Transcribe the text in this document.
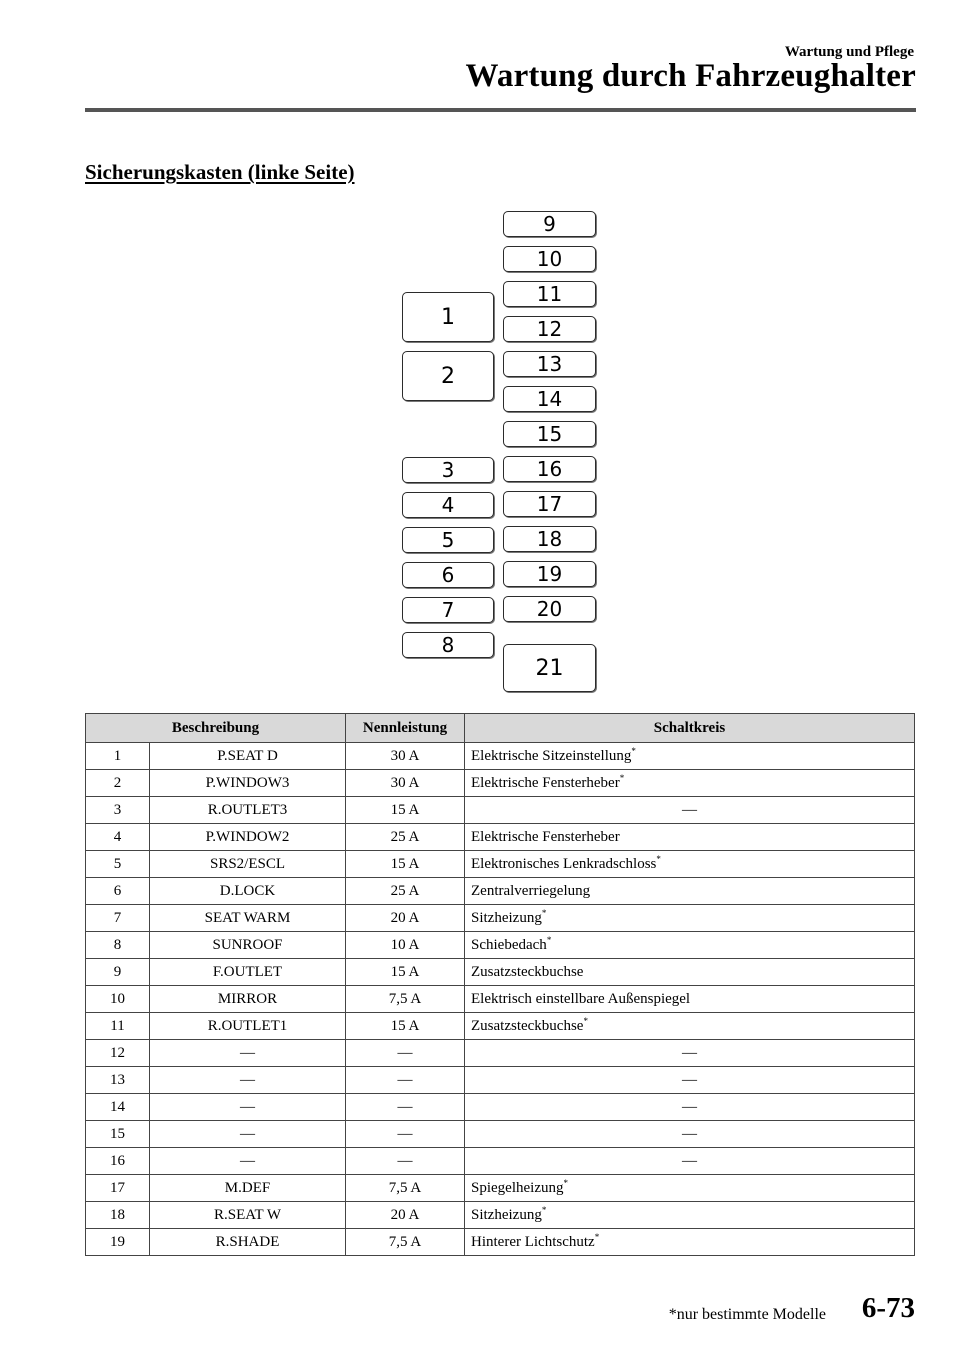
Wartung und Pflege
Wartung durch Fahrzeughalter
Sicherungskasten (linke Seite)
1
2
3
4
5
6
7
8
9
10
11
12
13
14
15
16
17
18
19
20
21
Beschreibung		Nennleistung	Schaltkreis
1	P.SEAT D	30 A	Elektrische Sitzeinstellung*
2	P.WINDOW3	30 A	Elektrische Fensterheber*
3	R.OUTLET3	15 A	—
4	P.WINDOW2	25 A	Elektrische Fensterheber
5	SRS2/ESCL	15 A	Elektronisches Lenkradschloss*
6	D.LOCK	25 A	Zentralverriegelung
7	SEAT WARM	20 A	Sitzheizung*
8	SUNROOF	10 A	Schiebedach*
9	F.OUTLET	15 A	Zusatzsteckbuchse
10	MIRROR	7,5 A	Elektrisch einstellbare Außenspiegel
11	R.OUTLET1	15 A	Zusatzsteckbuchse*
12	—	—	—
13	—	—	—
14	—	—	—
15	—	—	—
16	—	—	—
17	M.DEF	7,5 A	Spiegelheizung*
18	R.SEAT W	20 A	Sitzheizung*
19	R.SHADE	7,5 A	Hinterer Lichtschutz*
*nur bestimmte Modelle 6-73
